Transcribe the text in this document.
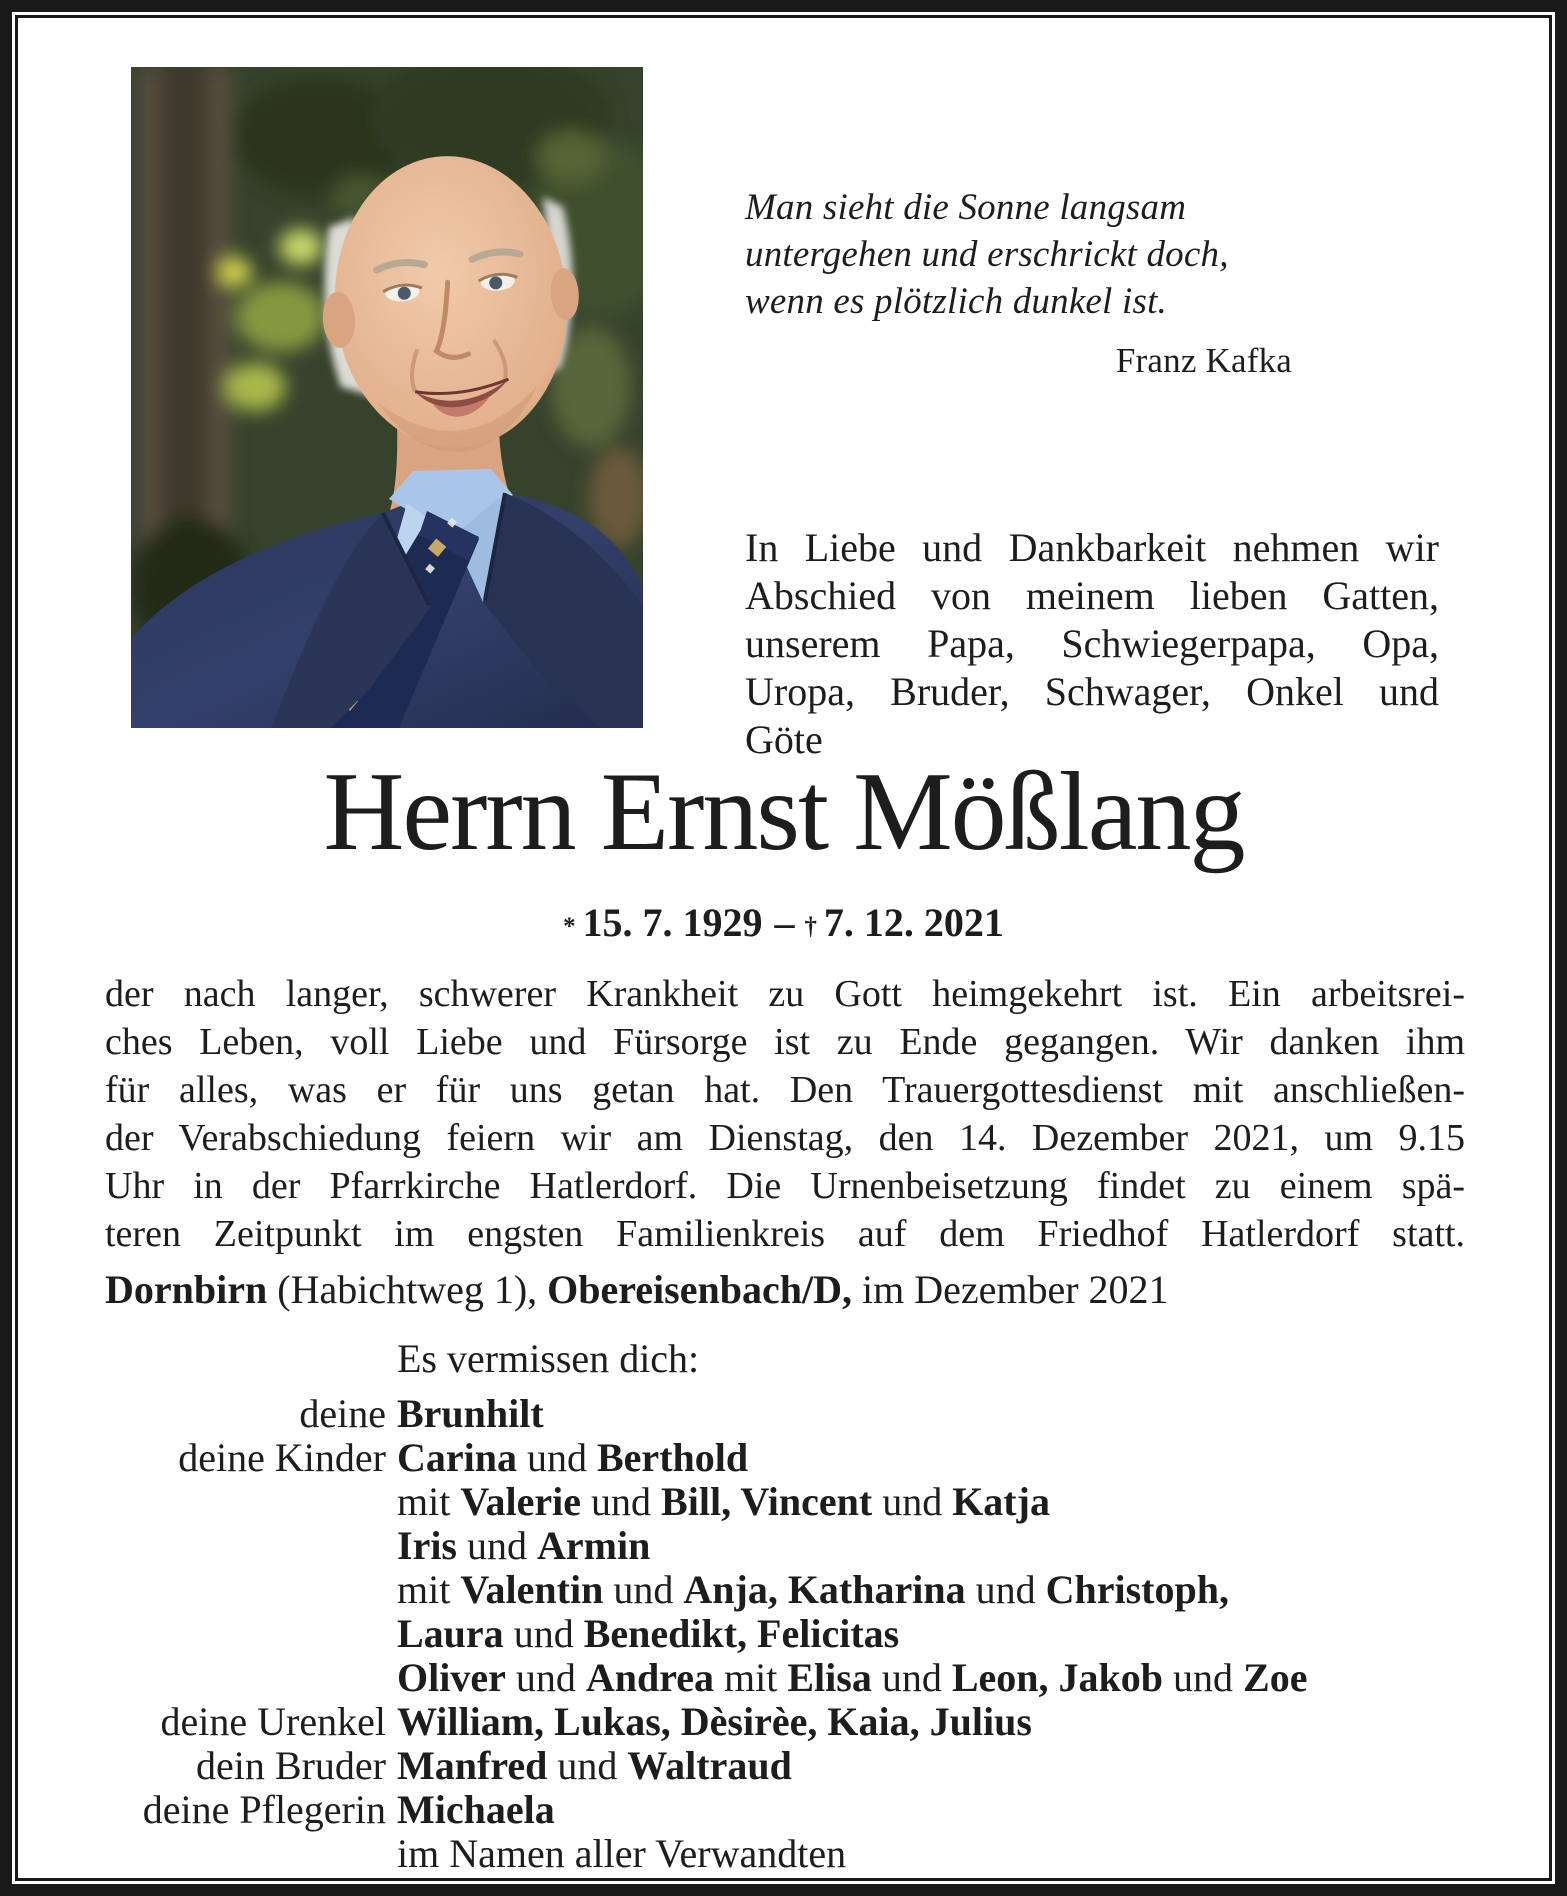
Man sieht die Sonne langsam
untergehen und erschrickt doch,
wenn es plötzlich dunkel ist.
Franz Kafka
In Liebe und Dankbarkeit nehmen wir
Abschied von meinem lieben Gatten,
unserem Papa, Schwiegerpapa, Opa,
Uropa, Bruder, Schwager, Onkel und
Göte
Herrn Ernst Mößlang
* 15. 7. 1929 – † 7. 12. 2021
der nach langer, schwerer Krankheit zu Gott heimgekehrt ist. Ein arbeitsrei-
ches Leben, voll Liebe und Fürsorge ist zu Ende gegangen. Wir danken ihm
für alles, was er für uns getan hat. Den Trauergottesdienst mit anschließen-
der Verabschiedung feiern wir am Dienstag, den 14. Dezember 2021, um 9.15
Uhr in der Pfarrkirche Hatlerdorf. Die Urnenbeisetzung findet zu einem spä-
teren Zeitpunkt im engsten Familienkreis auf dem Friedhof Hatlerdorf statt.
Dornbirn (Habichtweg 1), Obereisenbach/D, im Dezember 2021
Es vermissen dich:
deine Brunhilt
deine Kinder Carina und Berthold
mit Valerie und Bill, Vincent und Katja
Iris und Armin
mit Valentin und Anja, Katharina und Christoph,
Laura und Benedikt, Felicitas
Oliver und Andrea mit Elisa und Leon, Jakob und Zoe
deine Urenkel William, Lukas, Dèsirèe, Kaia, Julius
dein Bruder Manfred und Waltraud
deine Pflegerin Michaela
im Namen aller Verwandten
